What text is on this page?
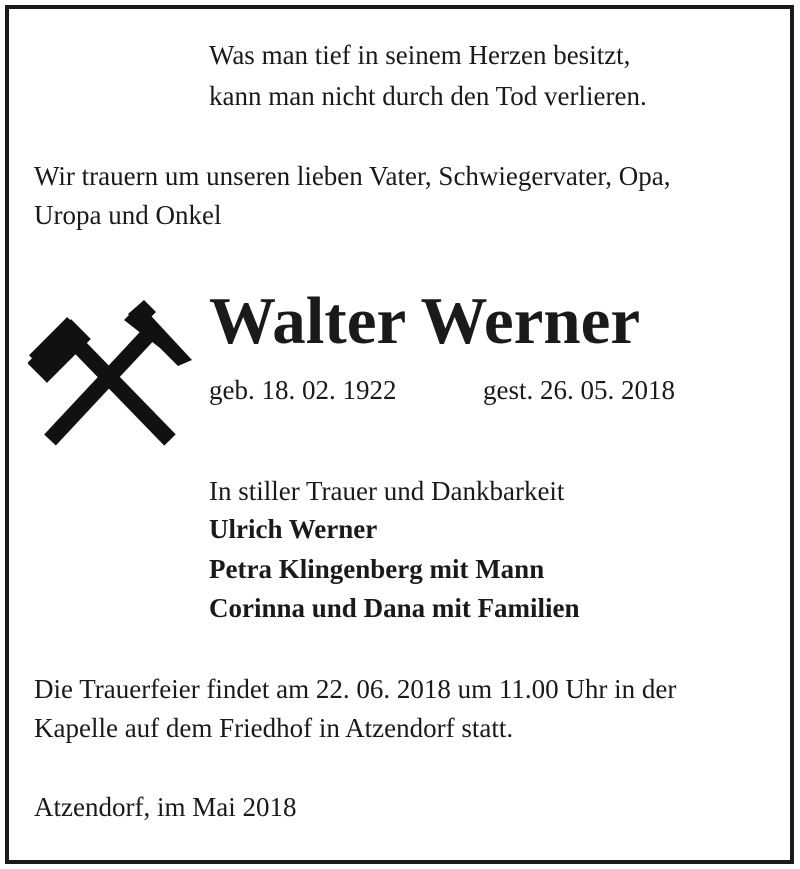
Was man tief in seinem Herzen besitzt,
kann man nicht durch den Tod verlieren.
Wir trauern um unseren lieben Vater, Schwiegervater, Opa,
Uropa und Onkel
Walter Werner
geb. 18. 02. 1922	gest. 26. 05. 2018
In stiller Trauer und Dankbarkeit
Ulrich Werner
Petra Klingenberg mit Mann
Corinna und Dana mit Familien
Die Trauerfeier findet am 22. 06. 2018 um 11.00 Uhr in der
Kapelle auf dem Friedhof in Atzendorf statt.
Atzendorf, im Mai 2018
